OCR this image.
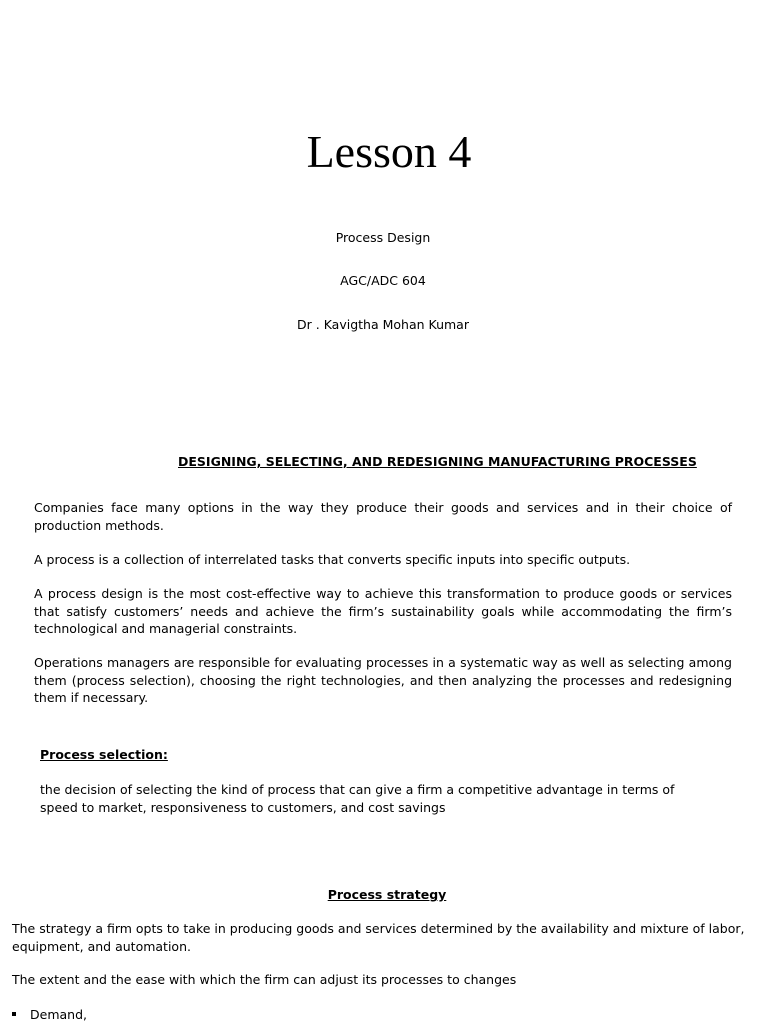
Lesson 4

Process Design

AGC/ADC 604

Dr . Kavigtha Mohan Kumar

DESIGNING, SELECTING, AND REDESIGNING MANUFACTURING PROCESSES

Companies face many options in the way they produce their goods and services and in their choice of production methods.

A process is a collection of interrelated tasks that converts specific inputs into specific outputs.

A process design is the most cost-effective way to achieve this transformation to produce goods or services that satisfy customers’ needs and achieve the firm’s sustainability goals while accommodating the firm’s technological and managerial constraints.

Operations managers are responsible for evaluating processes in a systematic way as well as selecting among them (process selection), choosing the right technologies, and then analyzing the processes and redesigning them if necessary.

Process selection:

the decision of selecting the kind of process that can give a firm a competitive advantage in terms of speed to market, responsiveness to customers, and cost savings

Process strategy

The strategy a firm opts to take in producing goods and services determined by the availability and mixture of labor, equipment, and automation.

The extent and the ease with which the firm can adjust its processes to changes

Demand,
